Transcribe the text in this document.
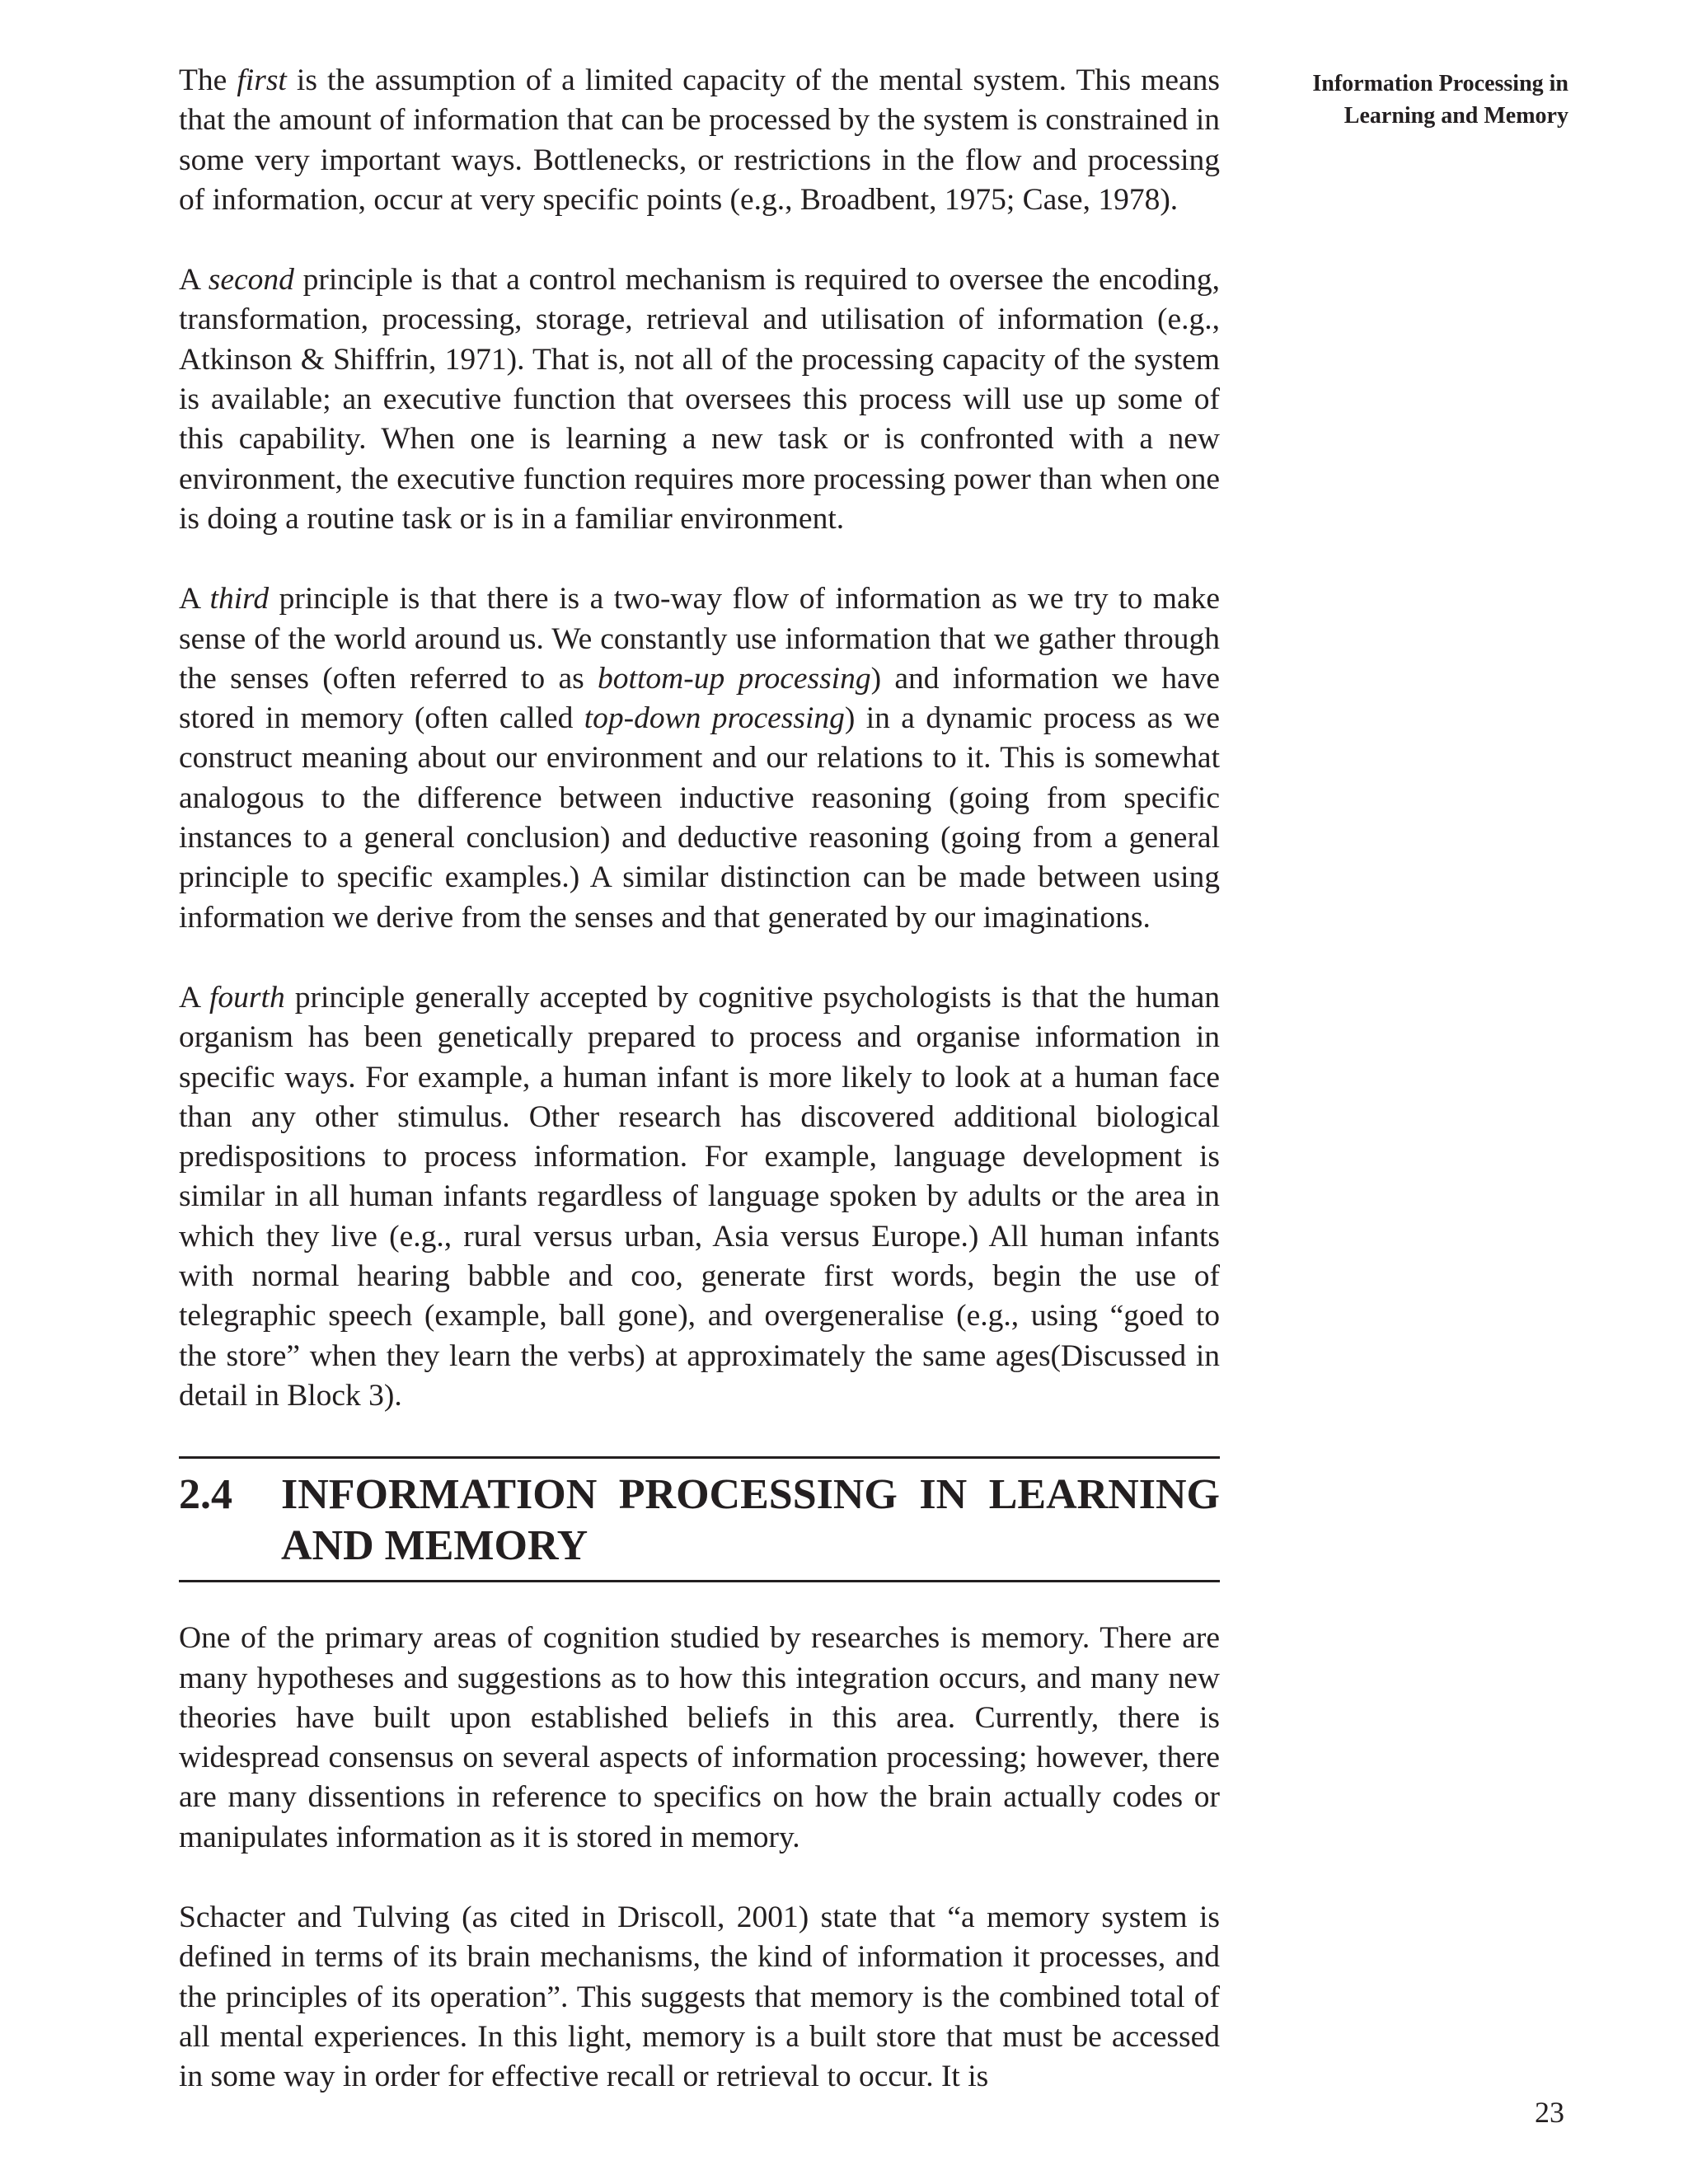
Information Processing in
Learning and Memory

The first is the assumption of a limited capacity of the mental system. This means that the amount of information that can be processed by the system is constrained in some very important ways. Bottlenecks, or restrictions in the flow and processing of information, occur at very specific points (e.g., Broadbent, 1975; Case, 1978).

A second principle is that a control mechanism is required to oversee the encoding, transformation, processing, storage, retrieval and utilisation of information (e.g., Atkinson & Shiffrin, 1971). That is, not all of the processing capacity of the system is available; an executive function that oversees this process will use up some of this capability. When one is learning a new task or is confronted with a new environment, the executive function requires more processing power than when one is doing a routine task or is in a familiar environment.

A third principle is that there is a two-way flow of information as we try to make sense of the world around us. We constantly use information that we gather through the senses (often referred to as bottom-up processing) and information we have stored in memory (often called top-down processing) in a dynamic process as we construct meaning about our environment and our relations to it. This is somewhat analogous to the difference between inductive reasoning (going from specific instances to a general conclusion) and deductive reasoning (going from a general principle to specific examples.) A similar distinction can be made between using information we derive from the senses and that generated by our imaginations.

A fourth principle generally accepted by cognitive psychologists is that the human organism has been genetically prepared to process and organise information in specific ways. For example, a human infant is more likely to look at a human face than any other stimulus. Other research has discovered additional biological predispositions to process information. For example, language development is similar in all human infants regardless of language spoken by adults or the area in which they live (e.g., rural versus urban, Asia versus Europe.) All human infants with normal hearing babble and coo, generate first words, begin the use of telegraphic speech (example, ball gone), and overgeneralise (e.g., using “goed to the store” when they learn the verbs) at approximately the same ages(Discussed in detail in Block 3).

2.4	INFORMATION PROCESSING IN LEARNING AND MEMORY

One of the primary areas of cognition studied by researches is memory. There are many hypotheses and suggestions as to how this integration occurs, and many new theories have built upon established beliefs in this area. Currently, there is widespread consensus on several aspects of information processing; however, there are many dissentions in reference to specifics on how the brain actually codes or manipulates information as it is stored in memory.

Schacter and Tulving (as cited in Driscoll, 2001) state that “a memory system is defined in terms of its brain mechanisms, the kind of information it processes, and the principles of its operation”. This suggests that memory is the combined total of all mental experiences. In this light, memory is a built store that must be accessed in some way in order for effective recall or retrieval to occur. It is

23
